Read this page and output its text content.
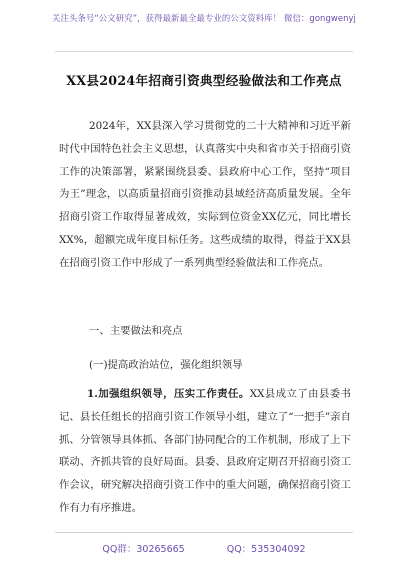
关注头条号“公文研究”，获得最新最全最专业的公文资料库！ 微信：gongwenyj
XX县2024年招商引资典型经验做法和工作亮点
2024年，XX县深入学习贯彻党的二十大精神和习近平新时代中国特色社会主义思想，认真落实中央和省市关于招商引资工作的决策部署，紧紧围绕县委、县政府中心工作，坚持“项目为王”理念，以高质量招商引资推动县域经济高质量发展。全年招商引资工作取得显著成效，实际到位资金XX亿元，同比增长XX%，超额完成年度目标任务。这些成绩的取得，得益于XX县在招商引资工作中形成了一系列典型经验做法和工作亮点。
一、主要做法和亮点
(一)提高政治站位，强化组织领导
1.加强组织领导，压实工作责任。XX县成立了由县委书记、县长任组长的招商引资工作领导小组，建立了“一把手”亲自抓、分管领导具体抓、各部门协同配合的工作机制，形成了上下联动、齐抓共管的良好局面。县委、县政府定期召开招商引资工作会议，研究解决招商引资工作中的重大问题，确保招商引资工作有力有序推进。
QQ群：30265665	QQ：535304092
